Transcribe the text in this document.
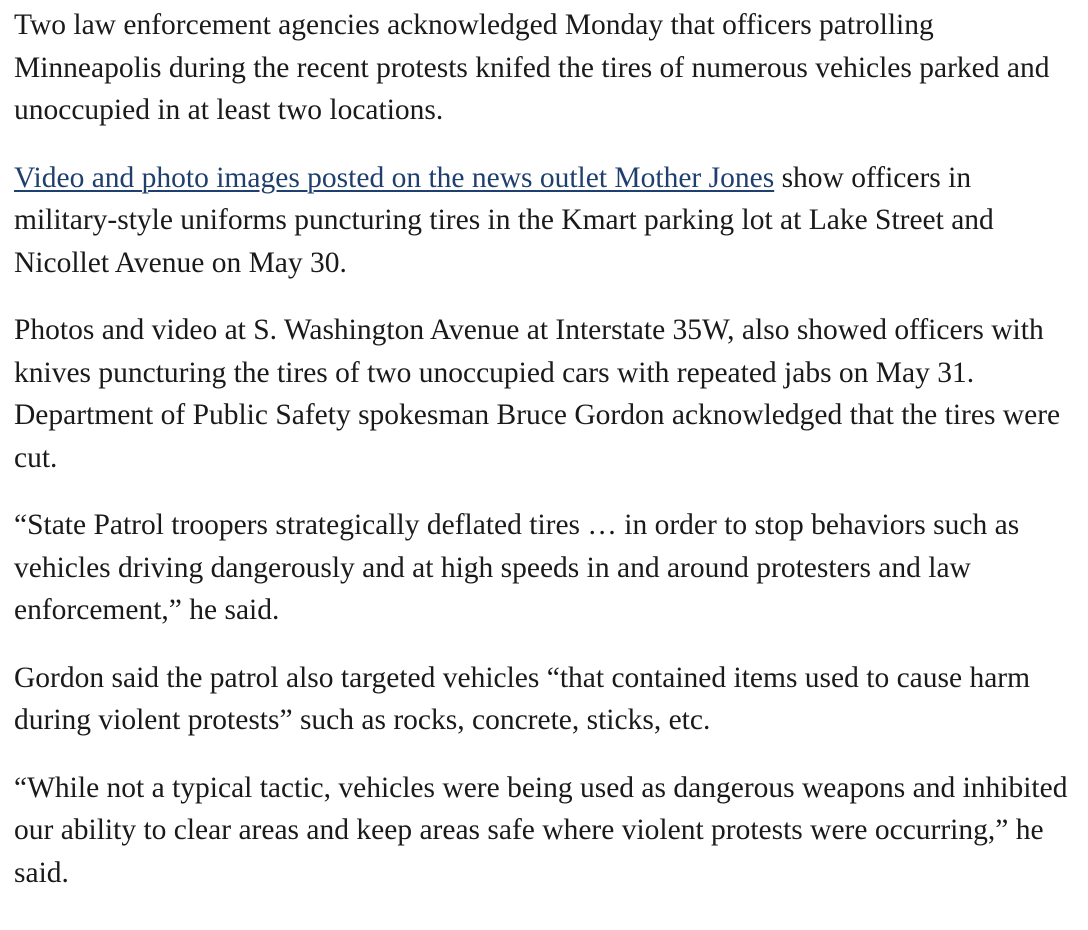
Two law enforcement agencies acknowledged Monday that officers patrolling Minneapolis during the recent protests knifed the tires of numerous vehicles parked and unoccupied in at least two locations.

Video and photo images posted on the news outlet Mother Jones show officers in military-style uniforms puncturing tires in the Kmart parking lot at Lake Street and Nicollet Avenue on May 30.

Photos and video at S. Washington Avenue at Interstate 35W, also showed officers with knives puncturing the tires of two unoccupied cars with repeated jabs on May 31. Department of Public Safety spokesman Bruce Gordon acknowledged that the tires were cut.

“State Patrol troopers strategically deflated tires … in order to stop behaviors such as vehicles driving dangerously and at high speeds in and around protesters and law enforcement,” he said.

Gordon said the patrol also targeted vehicles “that contained items used to cause harm during violent protests” such as rocks, concrete, sticks, etc.

“While not a typical tactic, vehicles were being used as dangerous weapons and inhibited our ability to clear areas and keep areas safe where violent protests were occurring,” he said.
